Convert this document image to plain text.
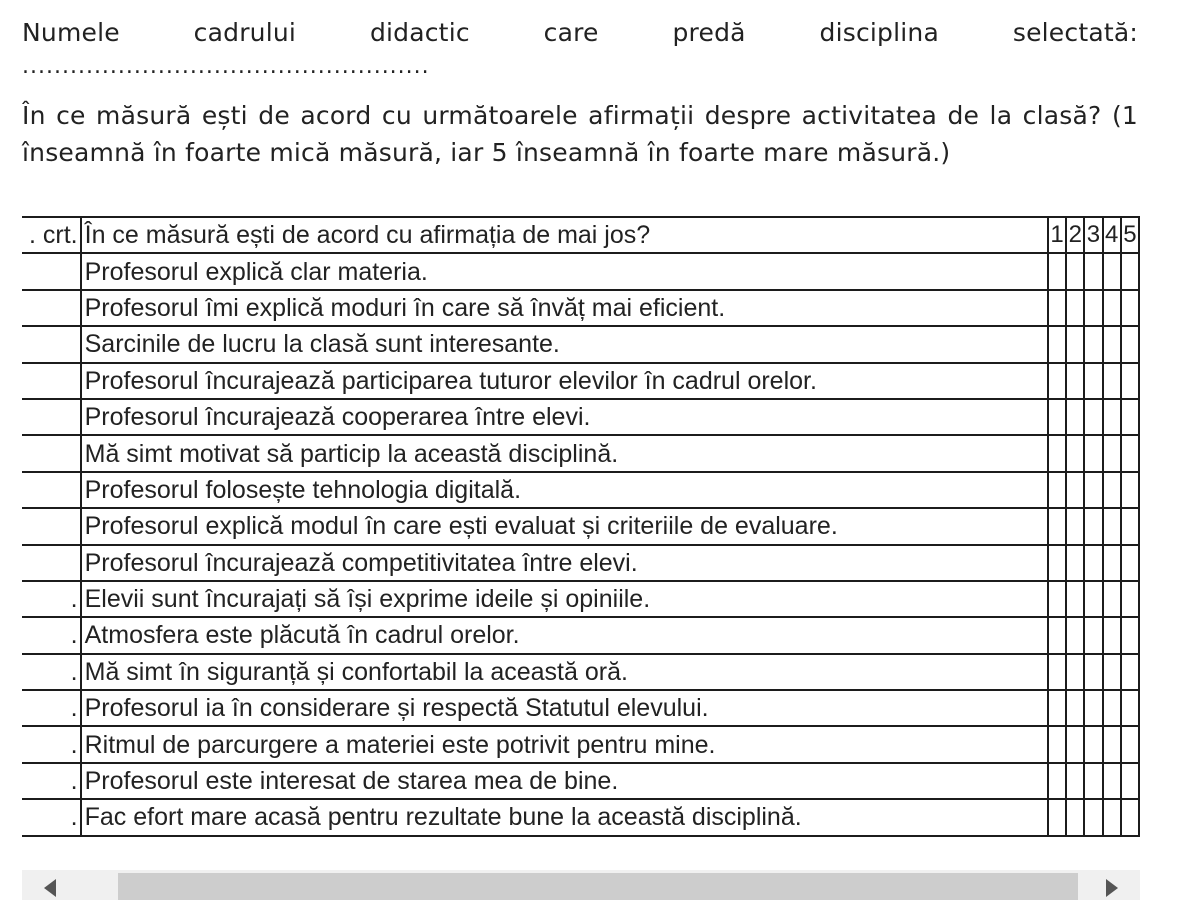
Numele	cadrului	didactic	care	predă	disciplina	selectată:
...................................................
În ce măsură ești de acord cu următoarele afirmații despre activitatea de la clasă? (1 înseamnă în foarte mică măsură, iar 5 înseamnă în foarte mare măsură.)
. crt.	În ce măsură ești de acord cu afirmația de mai jos?	1	2	3	4	5
	Profesorul explică clar materia.					
	Profesorul îmi explică moduri în care să învăț mai eficient.					
	Sarcinile de lucru la clasă sunt interesante.					
	Profesorul încurajează participarea tuturor elevilor în cadrul orelor.					
	Profesorul încurajează cooperarea între elevi.					
	Mă simt motivat să particip la această disciplină.					
	Profesorul folosește tehnologia digitală.					
	Profesorul explică modul în care ești evaluat și criteriile de evaluare.					
	Profesorul încurajează competitivitatea între elevi.					
.	Elevii sunt încurajați să își exprime ideile și opiniile.					
.	Atmosfera este plăcută în cadrul orelor.					
.	Mă simt în siguranță și confortabil la această oră.					
.	Profesorul ia în considerare și respectă Statutul elevului.					
.	Ritmul de parcurgere a materiei este potrivit pentru mine.					
.	Profesorul este interesat de starea mea de bine.					
.	Fac efort mare acasă pentru rezultate bune la această disciplină.					
